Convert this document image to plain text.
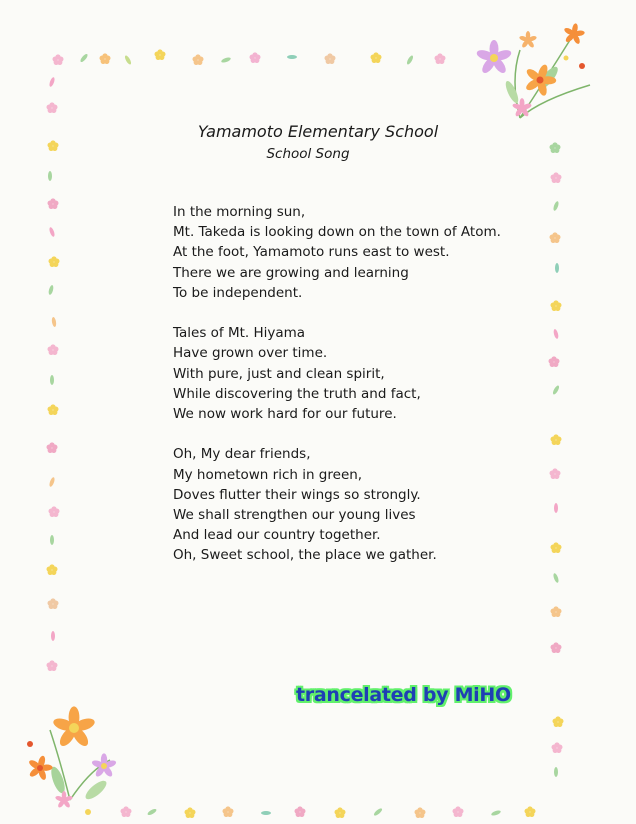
Yamamoto Elementary School
School Song
In the morning sun,
Mt. Takeda is looking down on the town of Atom.
At the foot, Yamamoto runs east to west.
There we are growing and learning
To be independent.
Tales of Mt. Hiyama
Have grown over time.
With pure, just and clean spirit,
While discovering the truth and fact,
We now work hard for our future.
Oh, My dear friends,
My hometown rich in green,
Doves flutter their wings so strongly.
We shall strengthen our young lives
And lead our country together.
Oh, Sweet school, the place we gather.
trancelated by MiHO
